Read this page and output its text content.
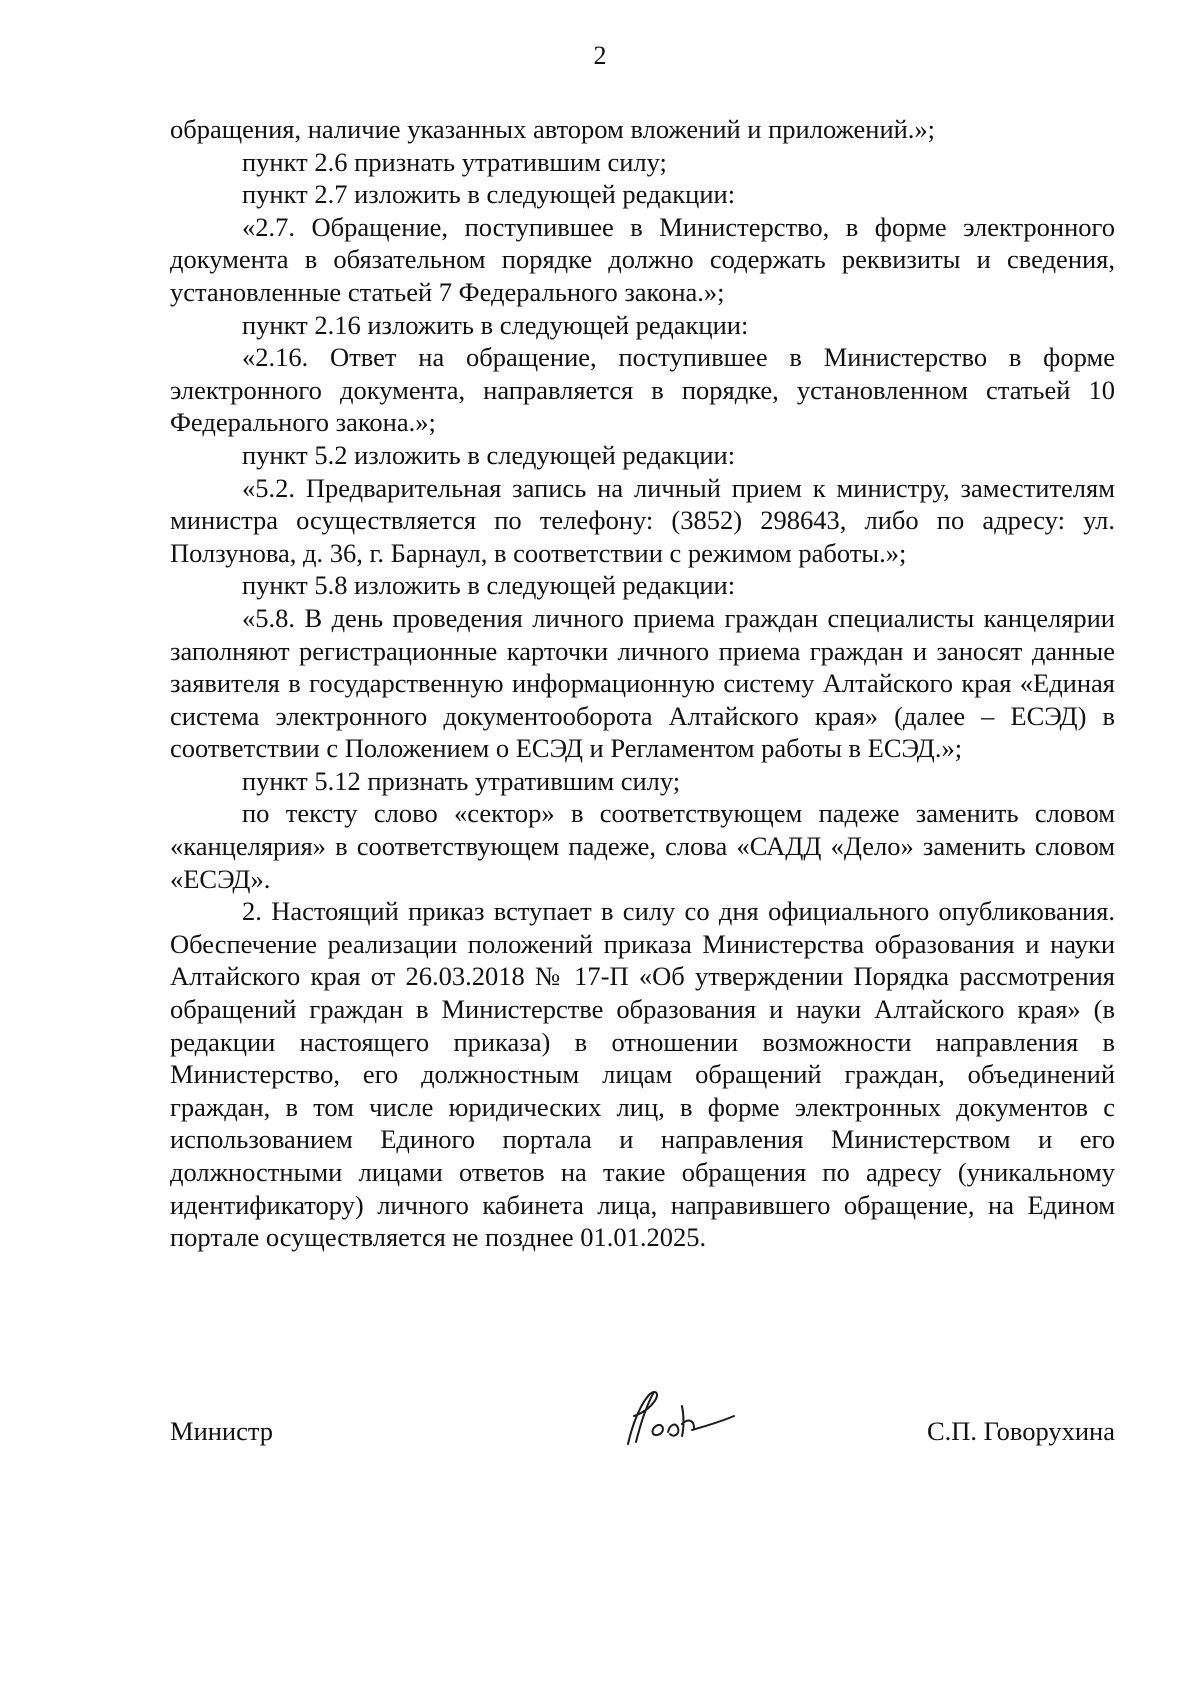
2

обращения, наличие указанных автором вложений и приложений.»;

пункт 2.6 признать утратившим силу;

пункт 2.7 изложить в следующей редакции:

«2.7. Обращение, поступившее в Министерство, в форме электронного документа в обязательном порядке должно содержать реквизиты и сведения, установленные статьей 7 Федерального закона.»;

пункт 2.16 изложить в следующей редакции:

«2.16. Ответ на обращение, поступившее в Министерство в форме электронного документа, направляется в порядке, установленном статьей 10 Федерального закона.»;

пункт 5.2 изложить в следующей редакции:

«5.2. Предварительная запись на личный прием к министру, заместителям министра осуществляется по телефону: (3852) 298643, либо по адресу: ул. Ползунова, д. 36, г. Барнаул, в соответствии с режимом работы.»;

пункт 5.8 изложить в следующей редакции:

«5.8. В день проведения личного приема граждан специалисты канцелярии заполняют регистрационные карточки личного приема граждан и заносят данные заявителя в государственную информационную систему Алтайского края «Единая система электронного документооборота Алтайского края» (далее – ЕСЭД) в соответствии с Положением о ЕСЭД и Регламентом работы в ЕСЭД.»;

пункт 5.12 признать утратившим силу;

по тексту слово «сектор» в соответствующем падеже заменить словом «канцелярия» в соответствующем падеже, слова «САДД «Дело» заменить словом «ЕСЭД».

2. Настоящий приказ вступает в силу со дня официального опубликования. Обеспечение реализации положений приказа Министерства образования и науки Алтайского края от 26.03.2018 № 17-П «Об утверждении Порядка рассмотрения обращений граждан в Министерстве образования и науки Алтайского края» (в редакции настоящего приказа) в отношении возможности направления в Министерство, его должностным лицам обращений граждан, объединений граждан, в том числе юридических лиц, в форме электронных документов с использованием Единого портала и направления Министерством и его должностными лицами ответов на такие обращения по адресу (уникальному идентификатору) личного кабинета лица, направившего обращение, на Едином портале осуществляется не позднее 01.01.2025.

Министр	С.П. Говорухина
